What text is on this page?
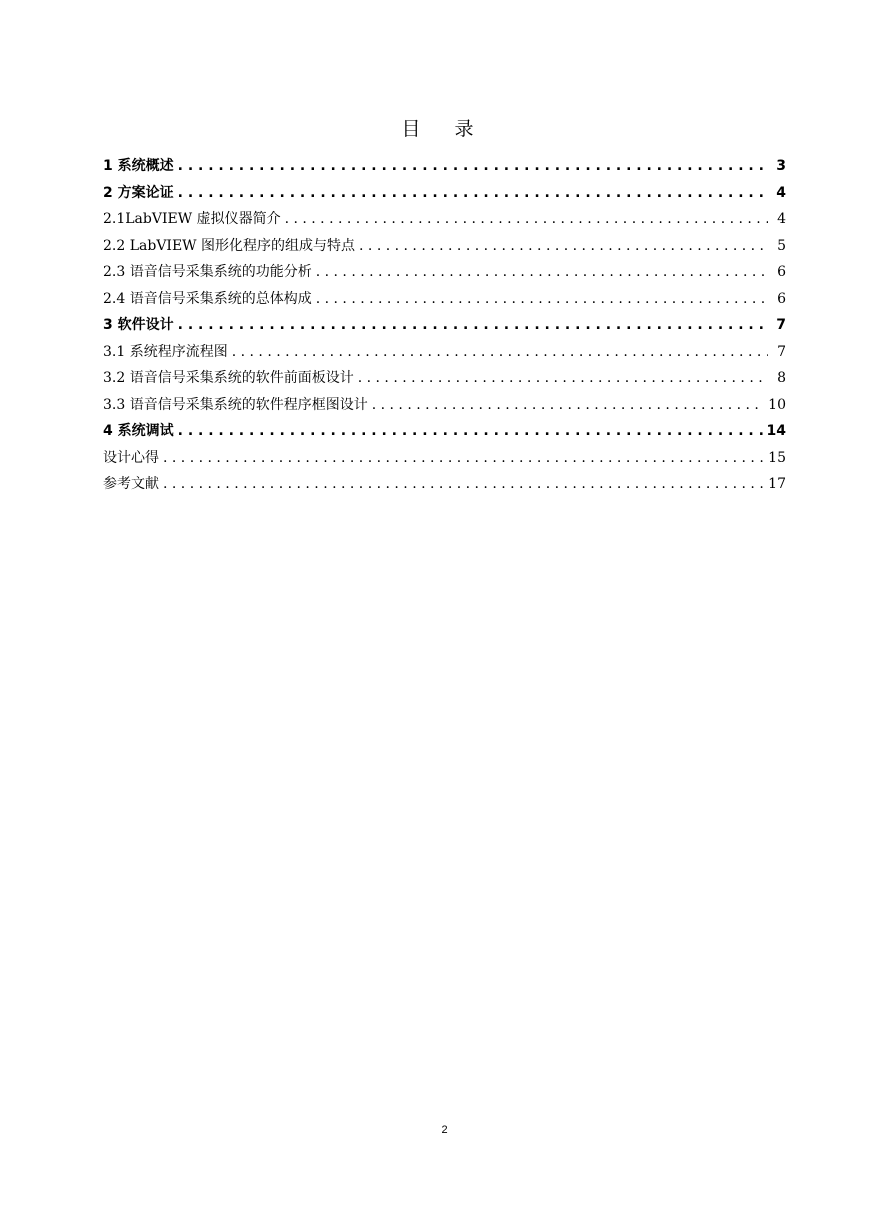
目 录
1 系统概述 . . .	3
2 方案论证 . . .	4
2.1LabVIEW 虚拟仪器简介 . . .	4
2.2 LabVIEW 图形化程序的组成与特点 . . .	5
2.3 语音信号采集系统的功能分析 . . .	6
2.4 语音信号采集系统的总体构成 . . .	6
3 软件设计 . . .	7
3.1 系统程序流程图 . . .	7
3.2 语音信号采集系统的软件前面板设计 . . .	8
3.3 语音信号采集系统的软件程序框图设计 . . .	10
4 系统调试 . . .	14
设计心得 . . .	15
参考文献 . . .	17
2
